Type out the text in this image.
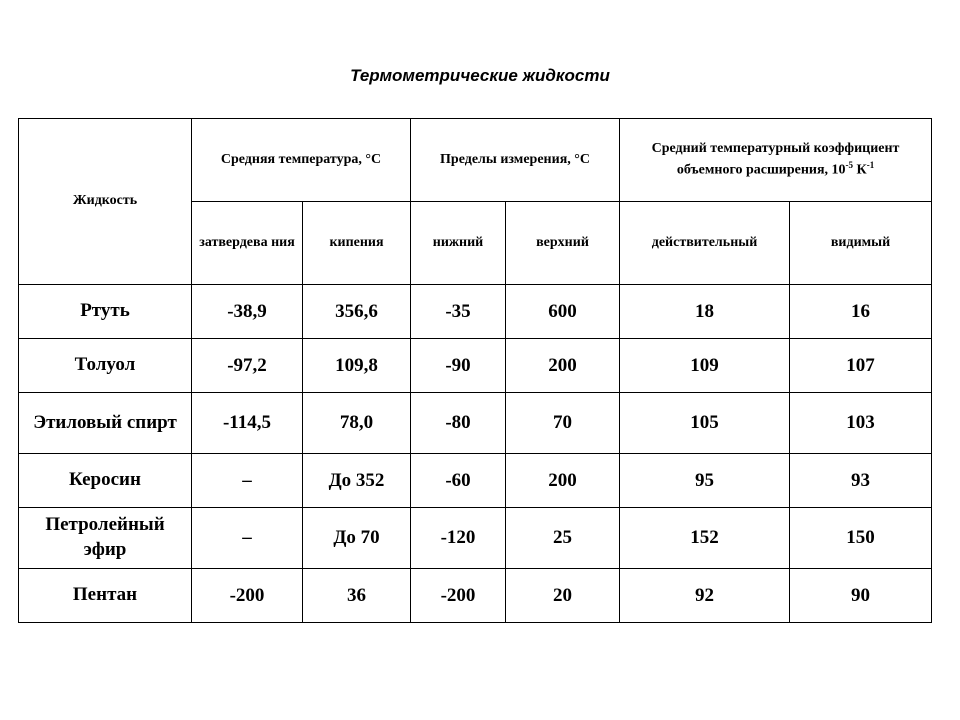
Термометрические жидкости
Жидкость	Средняя температура, °C		Пределы измерения, °C		Средний температурный коэффициент объемного расширения, $10^{-5}$ $К^{-1}$
	затвердева ния	кипения	нижний	верхний	действительный	видимый
Ртуть	-38,9	356,6	-35	600	18	16
Толуол	-97,2	109,8	-90	200	109	107
Этиловый спирт	-114,5	78,0	-80	70	105	103
Керосин	–	До 352	-60	200	95	93
Петролейный эфир	–	До 70	-120	25	152	150
Пентан	-200	36	-200	20	92	90
